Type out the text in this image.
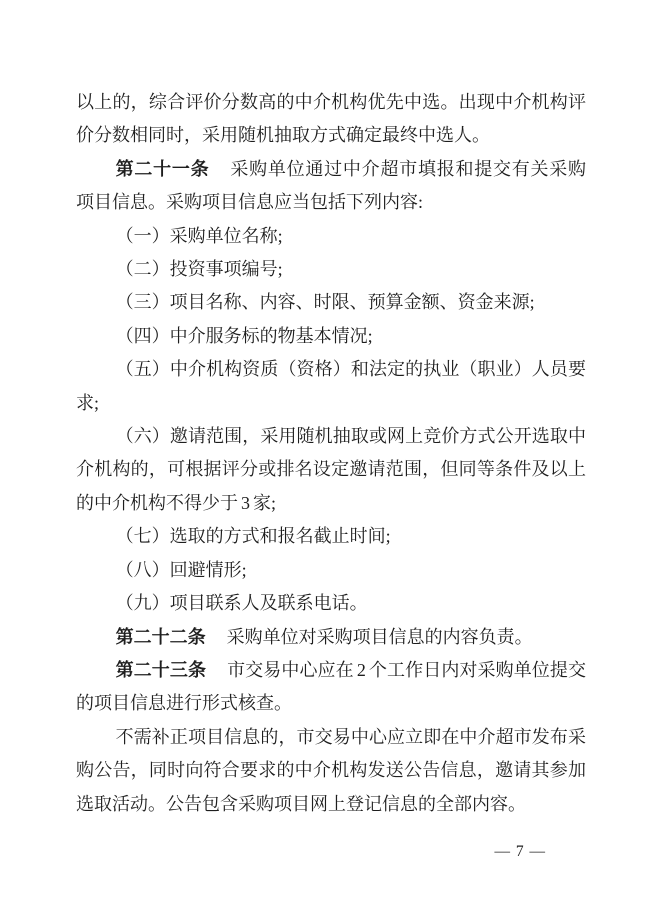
以上的，综合评价分数高的中介机构优先中选。出现中介机构评价分数相同时，采用随机抽取方式确定最终中选人。

第二十一条 采购单位通过中介超市填报和提交有关采购项目信息。采购项目信息应当包括下列内容:

（一）采购单位名称;

（二）投资事项编号;

（三）项目名称、内容、时限、预算金额、资金来源;

（四）中介服务标的物基本情况;

（五）中介机构资质（资格）和法定的执业（职业）人员要求;

（六）邀请范围，采用随机抽取或网上竞价方式公开选取中介机构的，可根据评分或排名设定邀请范围，但同等条件及以上的中介机构不得少于 3 家;

（七）选取的方式和报名截止时间;

（八）回避情形;

（九）项目联系人及联系电话。

第二十二条 采购单位对采购项目信息的内容负责。

第二十三条 市交易中心应在 2 个工作日内对采购单位提交的项目信息进行形式核查。

不需补正项目信息的，市交易中心应立即在中介超市发布采购公告，同时向符合要求的中介机构发送公告信息，邀请其参加选取活动。公告包含采购项目网上登记信息的全部内容。

— 7 —
